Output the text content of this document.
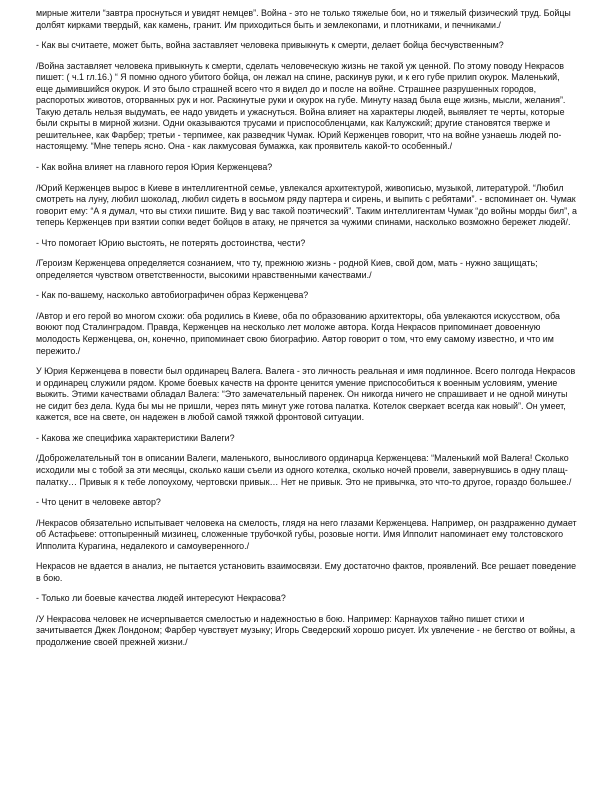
мирные жители “завтра проснуться и увидят немцев”. Война - это не только тяжелые бои, но и тяжелый физический труд. Бойцы долбят кирками твердый, как камень, гранит. Им приходиться быть и землекопами, и плотниками, и печниками./

- Как вы считаете, может быть, война заставляет человека привыкнуть к смерти, делает бойца бесчувственным?

/Война заставляет человека привыкнуть к смерти, сделать человеческую жизнь не такой уж ценной. По этому поводу Некрасов пишет: ( ч.1 гл.16.) “ Я помню одного убитого бойца, он лежал на спине, раскинув руки, и к его губе прилип окурок. Маленький, еще дымившийся окурок. И это было страшней всего что я видел до и после на войне. Страшнее разрушенных городов, распоротых животов, оторванных рук и ног. Раскинутые руки и окурок на губе. Минуту назад была еще жизнь, мысли, желания”. Такую деталь нельзя выдумать, ее надо увидеть и ужаснуться. Война влияет на характеры людей, выявляет те черты, которые были скрыты в мирной жизни. Одни оказываются трусами и приспособленцами, как Калужский; другие становятся тверже и решительнее, как Фарбер; третьи - терпимее, как разведчик Чумак. Юрий Керженцев говорит, что на войне узнаешь людей по-настоящему. “Мне теперь ясно. Она - как лакмусовая бумажка, как проявитель какой-то особенный./

- Как война влияет на главного героя Юрия Керженцева?

/Юрий Керженцев вырос в Киеве в интеллигентной семье, увлекался архитектурой, живописью, музыкой, литературой. “Любил смотреть на луну, любил шоколад, любил сидеть в восьмом ряду партера и сирень, и выпить с ребятами”. - вспоминает он. Чумак говорит ему: “А я думал, что вы стихи пишите. Вид у вас такой поэтический”. Таким интеллигентам Чумак “до войны морды бил”, а теперь Керженцев при взятии сопки ведет бойцов в атаку, не прячется за чужими спинами, насколько возможно бережет людей/.

- Что помогает Юрию выстоять, не потерять достоинства, чести?

/Героизм Керженцева определяется сознанием, что ту, прежнюю жизнь - родной Киев, свой дом, мать - нужно защищать; определяется чувством ответственности, высокими нравственными качествами./

- Как по-вашему, насколько автобиографичен образ Керженцева?

/Автор и его герой во многом схожи: оба родились в Киеве, оба по образованию архитекторы, оба увлекаются искусством, оба воюют под Сталинградом. Правда, Керженцев на несколько лет моложе автора. Когда Некрасов припоминает довоенную молодость Керженцева, он, конечно, припоминает свою биографию. Автор говорит о том, что ему самому известно, и что им пережито./

У Юрия Керженцева в повести был ординарец Валега. Валега - это личность реальная и имя подлинное. Всего полгода Некрасов и ординарец служили рядом. Кроме боевых качеств на фронте ценится умение приспособиться к военным условиям, умение выжить. Этими качествами обладал Валега: “Это замечательный паренек. Он никогда ничего не спрашивает и не одной минуты не сидит без дела. Куда бы мы не пришли, через пять минут уже готова палатка. Котелок сверкает всегда как новый”. Он умеет, кажется, все на свете, он надежен в любой самой тяжкой фронтовой ситуации.

- Какова же специфика характеристики Валеги?

/Доброжелательный тон в описании Валеги, маленького, выносливого ординарца Керженцева: “Маленький мой Валега! Сколько исходили мы с тобой за эти месяцы, сколько каши съели из одного котелка, сколько ночей провели, завернувшись в одну плащ-палатку… Привык я к тебе лопоухому, чертовски привык… Нет не привык. Это не привычка, это что-то другое, гораздо большее./

- Что ценит в человеке автор?

/Некрасов обязательно испытывает человека на смелость, глядя на него глазами Керженцева. Например, он раздраженно думает об Астафьеве: оттопыренный мизинец, сложенные трубочкой губы, розовые ногти. Имя Ипполит напоминает ему толстовского Ипполита Курагина, недалекого и самоуверенного./

Некрасов не вдается в анализ, не пытается установить взаимосвязи. Ему достаточно фактов, проявлений. Все решает поведение в бою.

- Только ли боевые качества людей интересуют Некрасова?

/У Некрасова человек не исчерпывается смелостью и надежностью в бою. Например: Карнаухов тайно пишет стихи и зачитывается Джек Лондоном; Фарбер чувствует музыку; Игорь Сведерский хорошо рисует. Их увлечение - не бегство от войны, а продолжение своей прежней жизни./
